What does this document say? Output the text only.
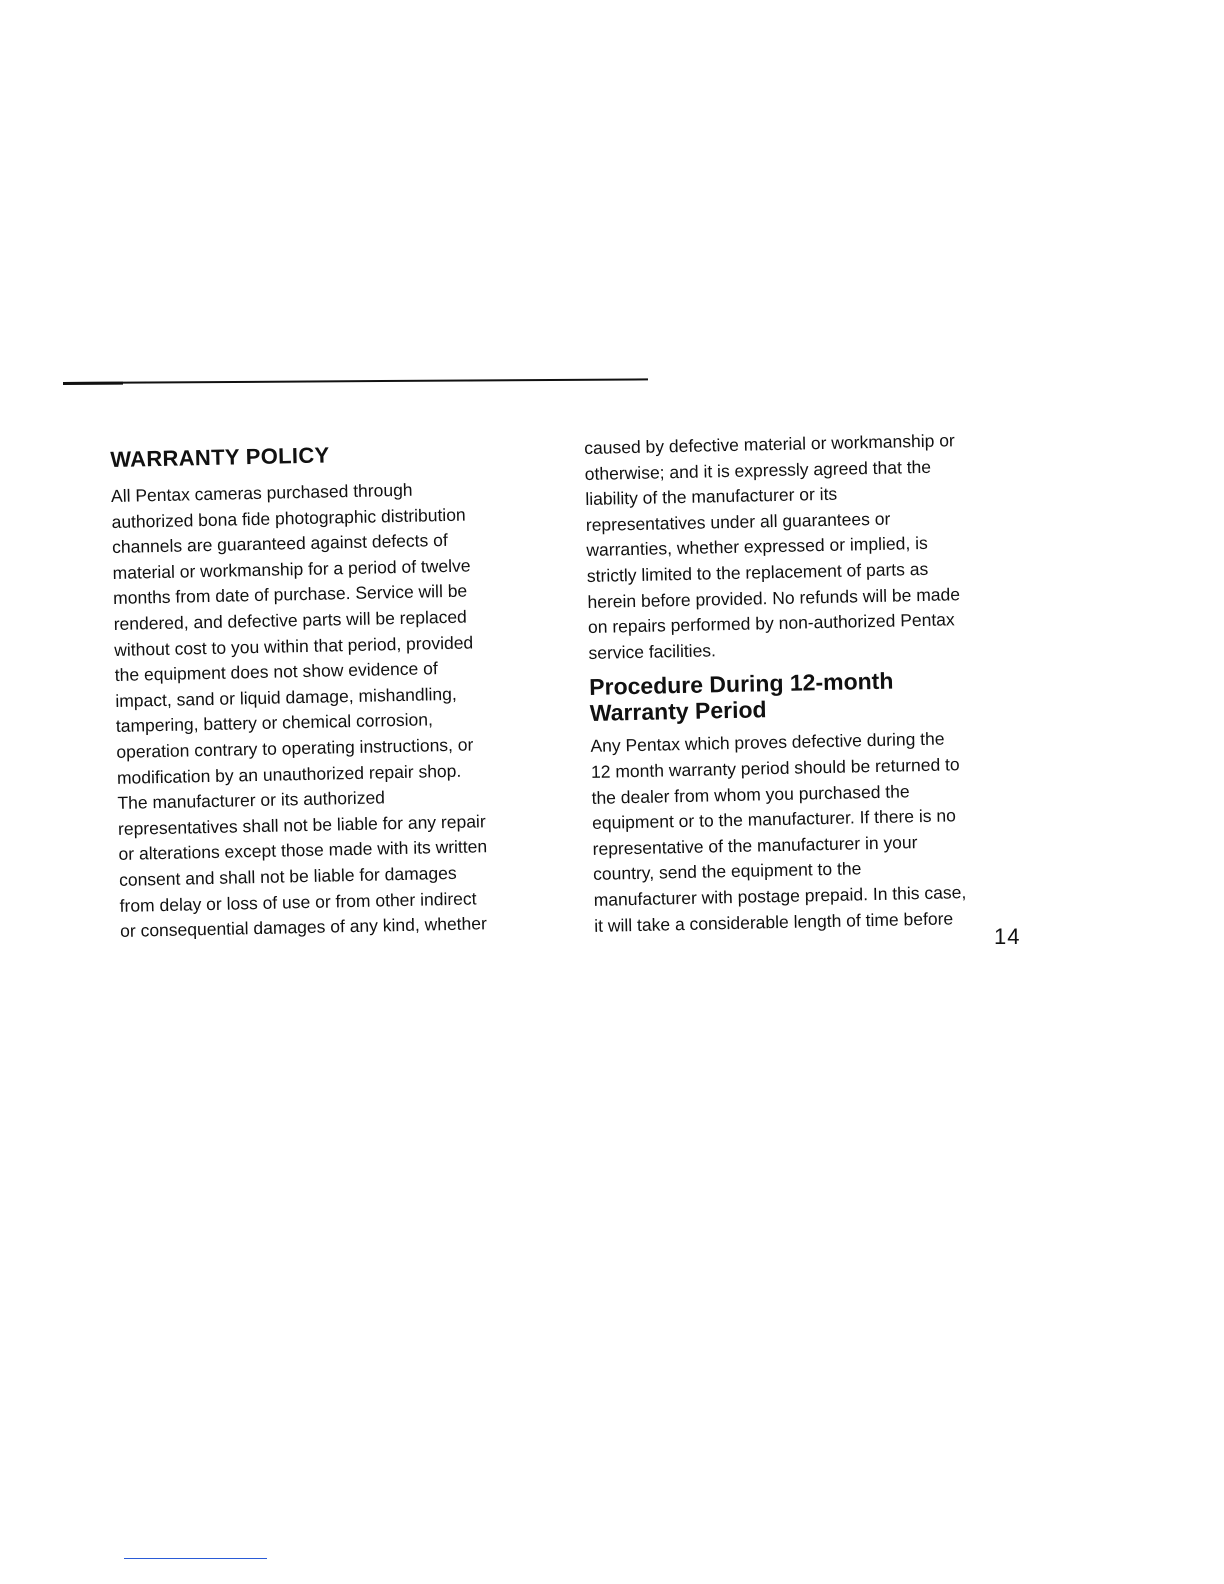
WARRANTY POLICY

All Pentax cameras purchased through
authorized bona fide photographic distribution
channels are guaranteed against defects of
material or workmanship for a period of twelve
months from date of purchase. Service will be
rendered, and defective parts will be replaced
without cost to you within that period, provided
the equipment does not show evidence of
impact, sand or liquid damage, mishandling,
tampering, battery or chemical corrosion,
operation contrary to operating instructions, or
modification by an unauthorized repair shop.
The manufacturer or its authorized
representatives shall not be liable for any repair
or alterations except those made with its written
consent and shall not be liable for damages
from delay or loss of use or from other indirect
or consequential damages of any kind, whether

caused by defective material or workmanship or
otherwise; and it is expressly agreed that the
liability of the manufacturer or its
representatives under all guarantees or
warranties, whether expressed or implied, is
strictly limited to the replacement of parts as
herein before provided. No refunds will be made
on repairs performed by non-authorized Pentax
service facilities.

Procedure During 12-month
Warranty Period

Any Pentax which proves defective during the
12 month warranty period should be returned to
the dealer from whom you purchased the
equipment or to the manufacturer. If there is no
representative of the manufacturer in your
country, send the equipment to the
manufacturer with postage prepaid. In this case,
it will take a considerable length of time before

14
